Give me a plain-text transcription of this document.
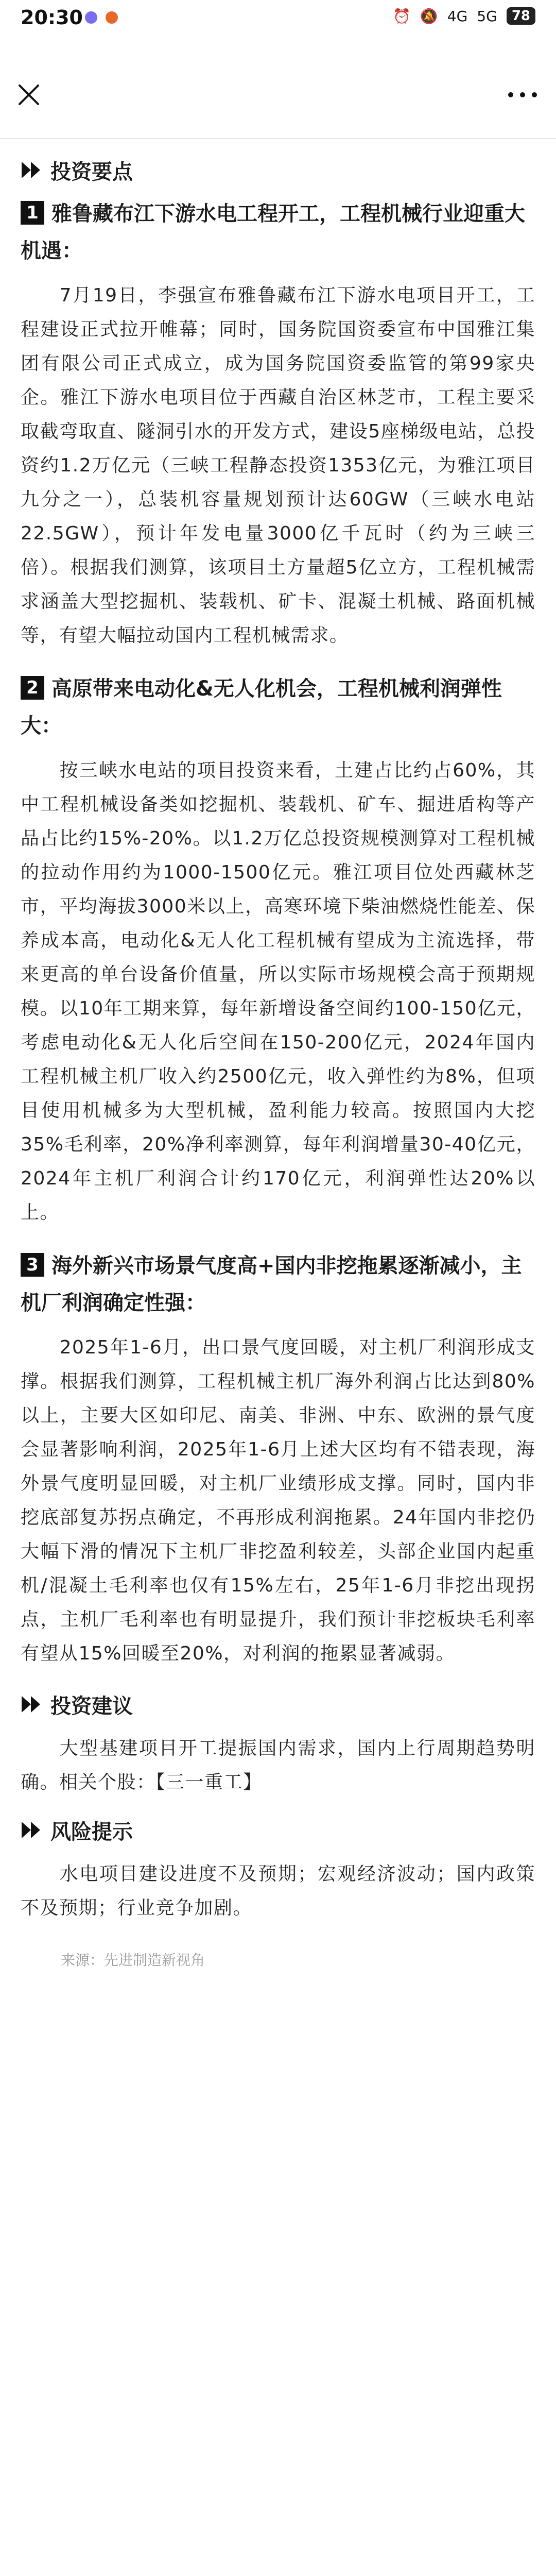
20:30	⏰ 🔕 4G 5G	78
投资要点
1 雅鲁藏布江下游水电工程开工，工程机械行业迎重大机遇：

7月19日，李强宣布雅鲁藏布江下游水电项目开工，工程建设正式拉开帷幕；同时，国务院国资委宣布中国雅江集团有限公司正式成立，成为国务院国资委监管的第99家央企。雅江下游水电项目位于西藏自治区林芝市，工程主要采取截弯取直、隧洞引水的开发方式，建设5座梯级电站，总投资约1.2万亿元（三峡工程静态投资1353亿元，为雅江项目九分之一），总装机容量规划预计达60GW（三峡水电站22.5GW），预计年发电量3000亿千瓦时（约为三峡三倍）。根据我们测算，该项目土方量超5亿立方，工程机械需求涵盖大型挖掘机、装载机、矿卡、混凝土机械、路面机械等，有望大幅拉动国内工程机械需求。

2 高原带来电动化&无人化机会，工程机械利润弹性大：

按三峡水电站的项目投资来看，土建占比约占60%，其中工程机械设备类如挖掘机、装载机、矿车、掘进盾构等产品占比约15%-20%。以1.2万亿总投资规模测算对工程机械的拉动作用约为1000-1500亿元。雅江项目位处西藏林芝市，平均海拔3000米以上，高寒环境下柴油燃烧性能差、保养成本高，电动化&无人化工程机械有望成为主流选择，带来更高的单台设备价值量，所以实际市场规模会高于预期规模。以10年工期来算，每年新增设备空间约100-150亿元，考虑电动化&无人化后空间在150-200亿元，2024年国内工程机械主机厂收入约2500亿元，收入弹性约为8%，但项目使用机械多为大型机械，盈利能力较高。按照国内大挖35%毛利率，20%净利率测算，每年利润增量30-40亿元，2024年主机厂利润合计约170亿元，利润弹性达20%以上。

3 海外新兴市场景气度高+国内非挖拖累逐渐减小，主机厂利润确定性强：

2025年1-6月，出口景气度回暖，对主机厂利润形成支撑。根据我们测算，工程机械主机厂海外利润占比达到80%以上，主要大区如印尼、南美、非洲、中东、欧洲的景气度会显著影响利润，2025年1-6月上述大区均有不错表现，海外景气度明显回暖，对主机厂业绩形成支撑。同时，国内非挖底部复苏拐点确定，不再形成利润拖累。24年国内非挖仍大幅下滑的情况下主机厂非挖盈利较差，头部企业国内起重机/混凝土毛利率也仅有15%左右，25年1-6月非挖出现拐点，主机厂毛利率也有明显提升，我们预计非挖板块毛利率有望从15%回暖至20%，对利润的拖累显著减弱。

投资建议

大型基建项目开工提振国内需求，国内上行周期趋势明确。相关个股：【三一重工】

风险提示

水电项目建设进度不及预期；宏观经济波动；国内政策不及预期；行业竞争加剧。

来源：先进制造新视角
